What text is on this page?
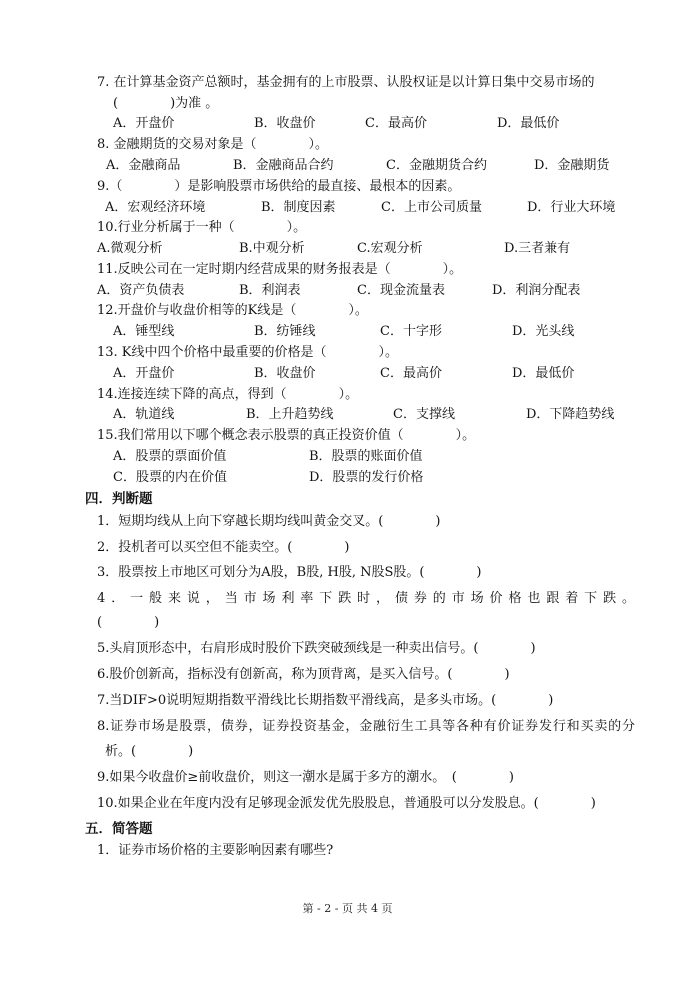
7. 在计算基金资产总额时，基金拥有的上市股票、认股权证是以计算日集中交易市场的
(　　　　)为准 。
A．开盘价	B．收盘价	C．最高价	D．最低价
8. 金融期货的交易对象是（　　　　）。
A．金融商品	B．金融商品合约	C．金融期货合约	D．金融期货
9.（　　　　）是影响股票市场供给的最直接、最根本的因素。
A．宏观经济环境	B．制度因素	C．上市公司质量	D．行业大环境
10.行业分析属于一种（　　　　）。
A.微观分析	B.中观分析	C.宏观分析	D.三者兼有
11.反映公司在一定时期内经营成果的财务报表是（　　　　）。
A．资产负债表	B．利润表	C．现金流量表	D．利润分配表
12.开盘价与收盘价相等的K线是（　　　　）。
A．锤型线	B．纺锤线	C．十字形	D．光头线
13. K线中四个价格中最重要的价格是（　　　　）。
A．开盘价	B．收盘价	C．最高价	D．最低价
14.连接连续下降的高点，得到（　　　　）。
A．轨道线	B．上升趋势线	C．支撑线	D．下降趋势线
15.我们常用以下哪个概念表示股票的真正投资价值（　　　　）。
A．股票的票面价值	B．股票的账面价值
C．股票的内在价值	D．股票的发行价格
四．判断题
1．短期均线从上向下穿越长期均线叫黄金交叉。(　　　　)
2．投机者可以买空但不能卖空。(　　　　)
3．股票按上市地区可划分为A股，B股, H股, N股S股。(　　　　)
4．一般来说，当市场利率下跌时，债券的市场价格也跟着下跌。
(　　　　)
5.头肩顶形态中，右肩形成时股价下跌突破颈线是一种卖出信号。(　　　　)
6.股价创新高，指标没有创新高，称为顶背离，是买入信号。(　　　　)
7.当DIF>0说明短期指数平滑线比长期指数平滑线高，是多头市场。(　　　　)
8.证券市场是股票，债券，证券投资基金，金融衍生工具等各种有价证券发行和买卖的分
析。(　　　　)
9.如果今收盘价≥前收盘价，则这一潮水是属于多方的潮水。　(　　　　)
10.如果企业在年度内没有足够现金派发优先股股息，普通股可以分发股息。(　　　　)
五．简答题
1．证券市场价格的主要影响因素有哪些?
第 - 2 - 页 共 4 页
